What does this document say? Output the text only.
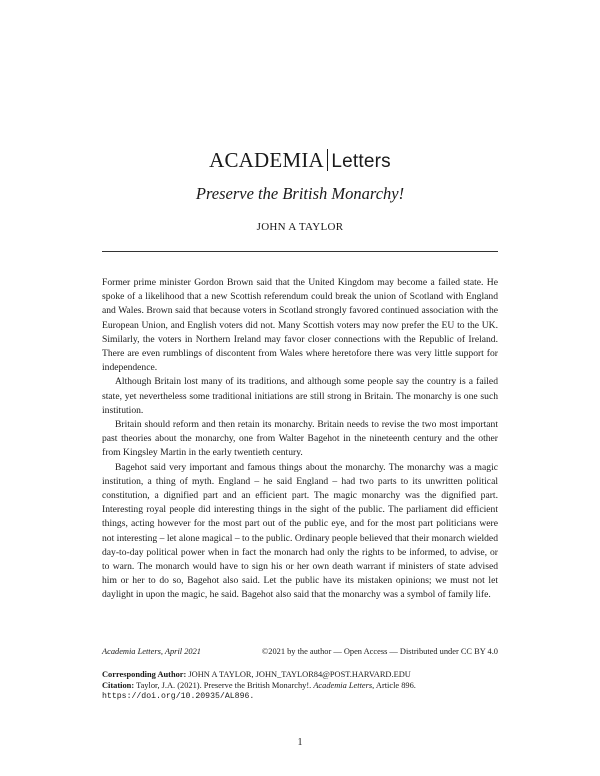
ACADEMIA Letters
Preserve the British Monarchy!
JOHN A TAYLOR

Former prime minister Gordon Brown said that the United Kingdom may become a failed state. He spoke of a likelihood that a new Scottish referendum could break the union of Scotland with England and Wales. Brown said that because voters in Scotland strongly favored continued association with the European Union, and English voters did not. Many Scottish voters may now prefer the EU to the UK. Similarly, the voters in Northern Ireland may favor closer connections with the Republic of Ireland. There are even rumblings of discontent from Wales where heretofore there was very little support for independence.

Although Britain lost many of its traditions, and although some people say the country is a failed state, yet nevertheless some traditional initiations are still strong in Britain. The monarchy is one such institution.

Britain should reform and then retain its monarchy. Britain needs to revise the two most important past theories about the monarchy, one from Walter Bagehot in the nineteenth century and the other from Kingsley Martin in the early twentieth century.

Bagehot said very important and famous things about the monarchy. The monarchy was a magic institution, a thing of myth. England – he said England – had two parts to its unwritten political constitution, a dignified part and an efficient part. The magic monarchy was the dignified part. Interesting royal people did interesting things in the sight of the public. The parliament did efficient things, acting however for the most part out of the public eye, and for the most part politicians were not interesting – let alone magical – to the public. Ordinary people believed that their monarch wielded day-to-day political power when in fact the monarch had only the rights to be informed, to advise, or to warn. The monarch would have to sign his or her own death warrant if ministers of state advised him or her to do so, Bagehot also said. Let the public have its mistaken opinions; we must not let daylight in upon the magic, he said. Bagehot also said that the monarchy was a symbol of family life.

Academia Letters, April 2021	©2021 by the author — Open Access — Distributed under CC BY 4.0
Corresponding Author: JOHN A TAYLOR, JOHN_TAYLOR84@POST.HARVARD.EDU
Citation: Taylor, J.A. (2021). Preserve the British Monarchy!. Academia Letters, Article 896.
https://doi.org/10.20935/AL896.
1
